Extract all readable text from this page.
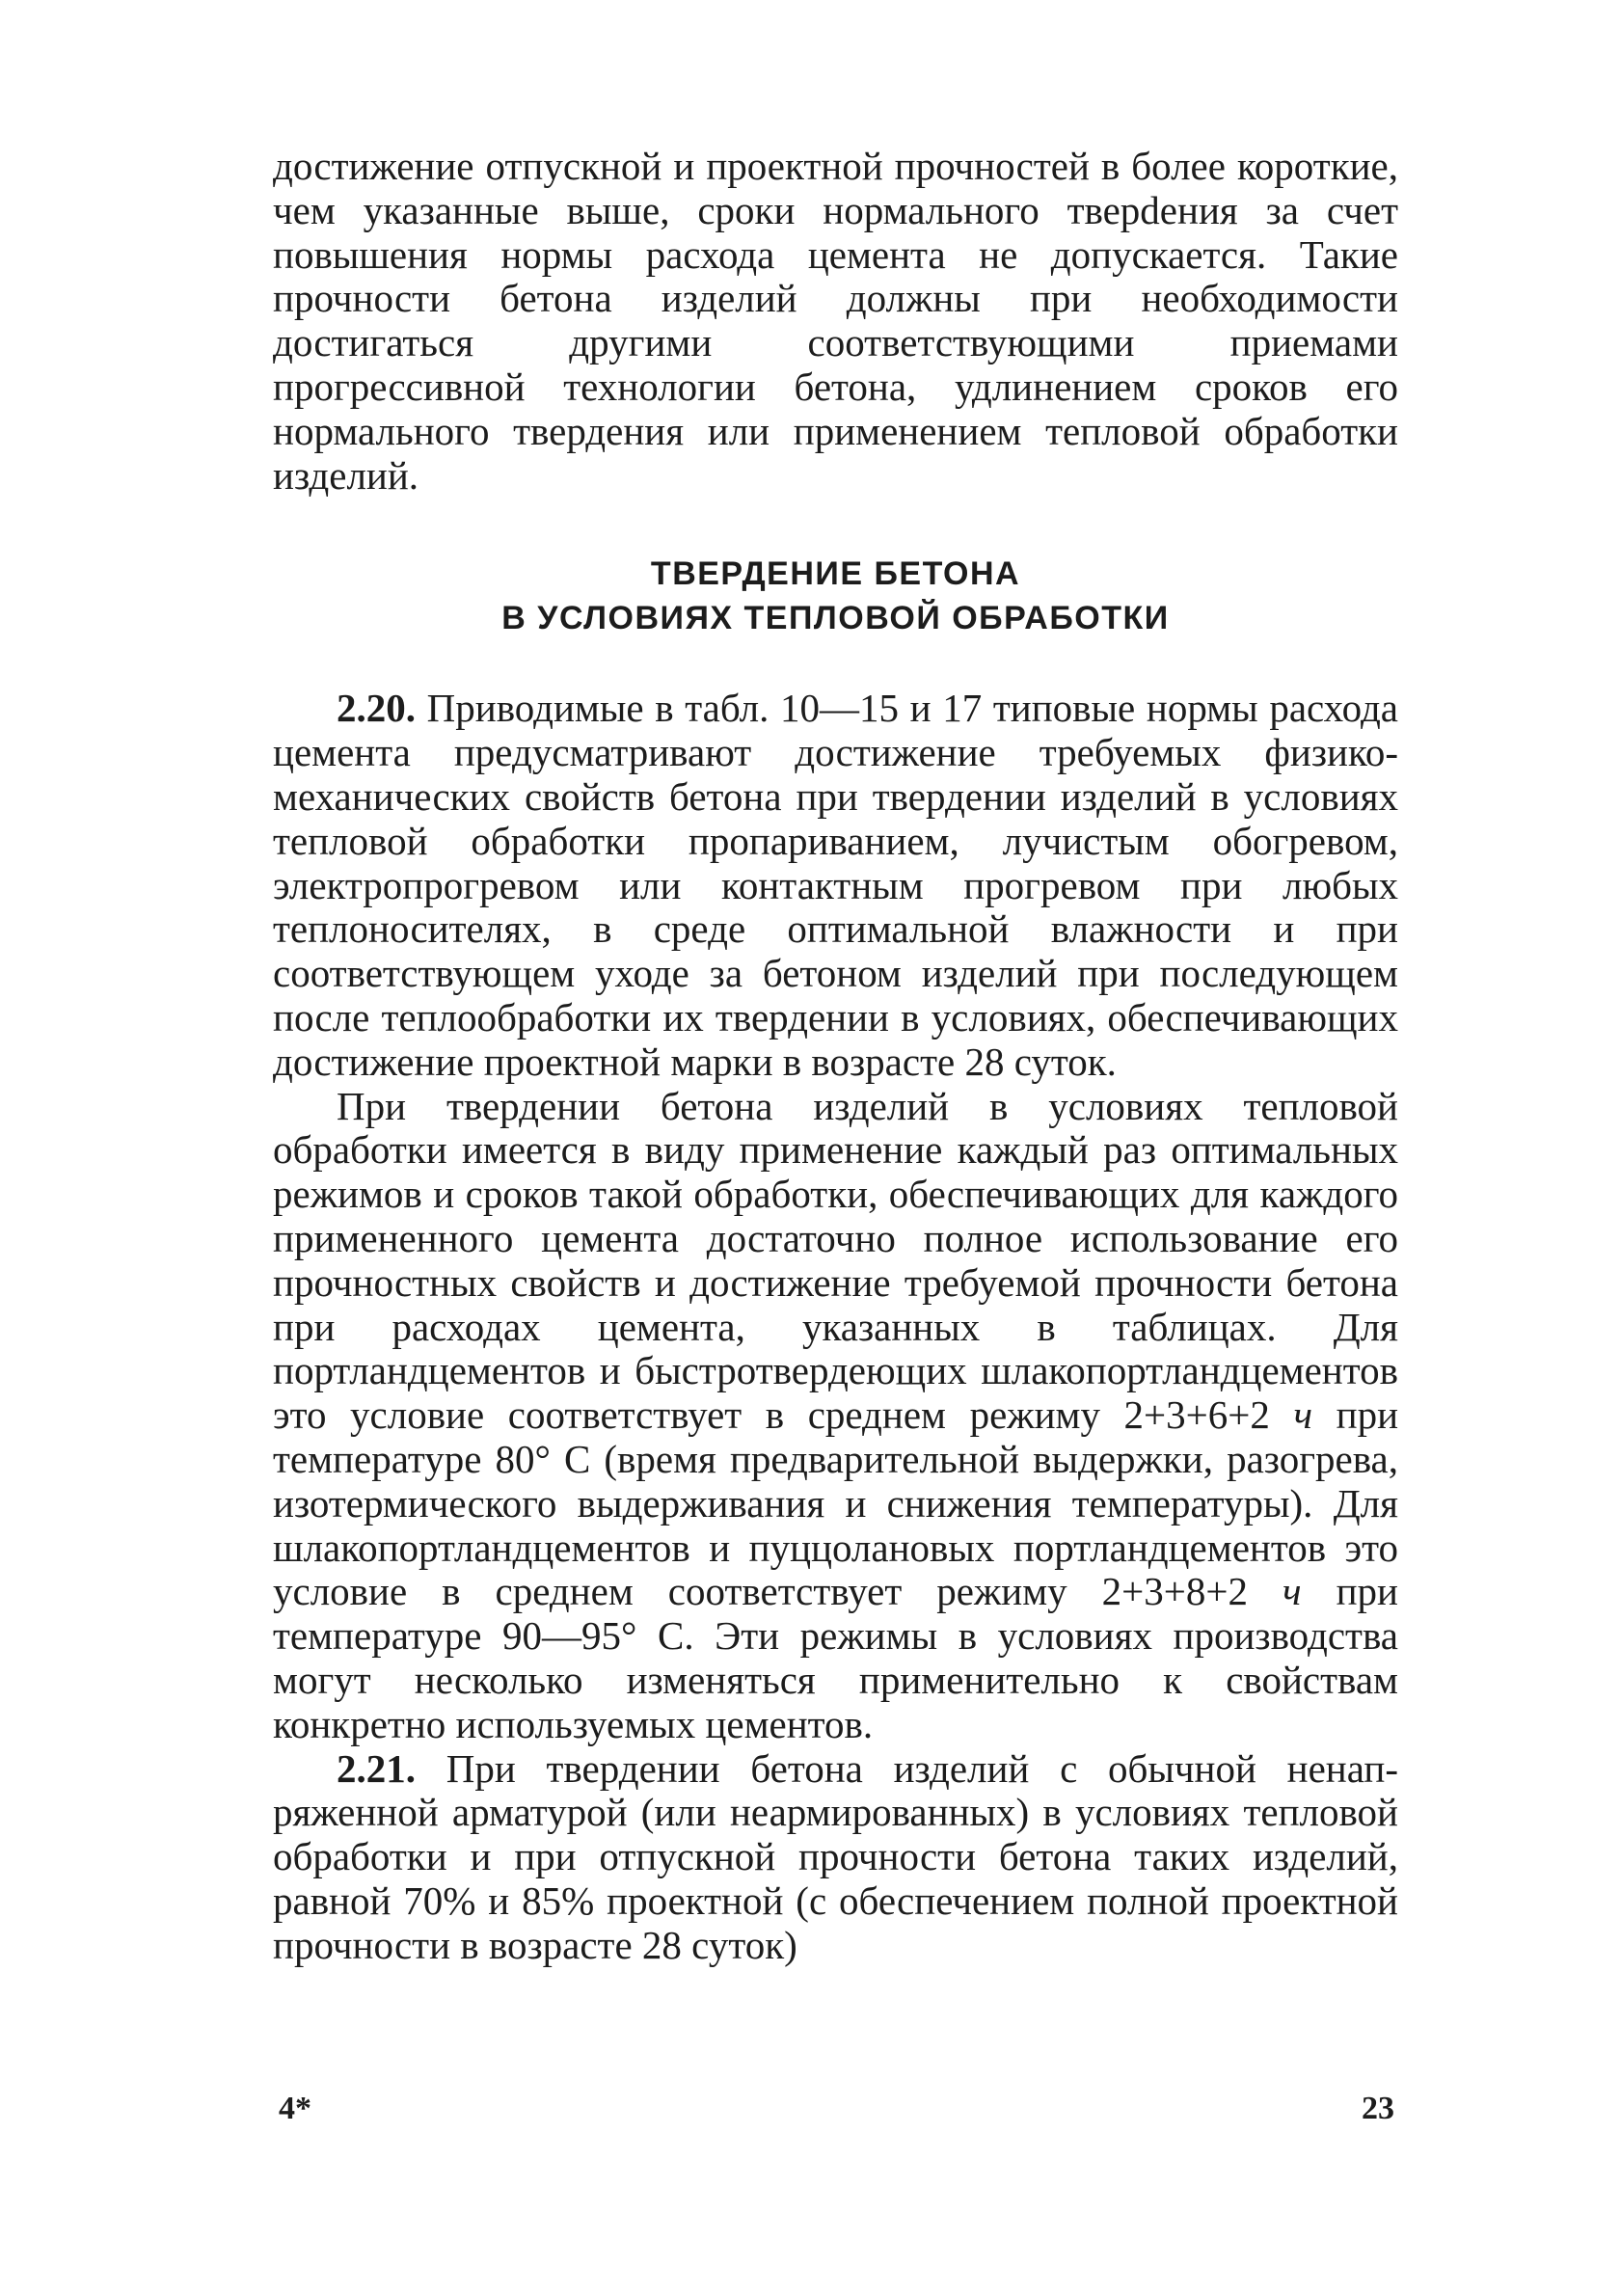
достижение отпускной и проектной прочностей в более короткие, чем указанные выше, сроки нормального тверdения за счет повышения нормы расхода цемента не допускается. Такие прочности бетона изделий должны при необходимости достигаться другими соответствующими приемами прогрессивной технологии бетона, удлинением сроков его нормального твердения или применением тепловой обработки изделий.

ТВЕРДЕНИЕ БЕТОНА

В УСЛОВИЯХ ТЕПЛОВОЙ ОБРАБОТКИ

2.20. Приводимые в табл. 10—15 и 17 типовые нормы расхода цемента предусматривают достижение требуемых физико-механических свойств бетона при твердении изделий в условиях тепловой обработки пропариванием, лучистым обогревом, электропрогревом или контактным прогревом при любых теплоносителях, в среде оптимальной влажности и при соответствующем уходе за бетоном изделий при последующем после теплообработки их твердении в условиях, обеспечивающих достижение проектной марки в возрасте 28 суток.

При твердении бетона изделий в условиях тепловой обработки имеется в виду применение каждый раз оптимальных режимов и сроков такой обработки, обеспечивающих для каждого примененного цемента достаточно полное использование его прочностных свойств и достижение требуемой прочности бетона при расходах цемента, указанных в таблицах. Для портландцементов и быстротвердеющих шлакопортландцементов это условие соответствует в среднем режиму 2+3+6+2 ч при температуре 80° С (время предварительной выдержки, разогрева, изотермического выдерживания и снижения температуры). Для шлакопортландцементов и пуццолановых портландцементов это условие в среднем соответствует режиму 2+3+8+2 ч при температуре 90—95° С. Эти режимы в условиях производства могут несколько изменяться применительно к свойствам конкретно используемых цементов.

2.21. При твердении бетона изделий с обычной ненапряженной арматурой (или неармированных) в условиях тепловой обработки и при отпускной прочности бетона таких изделий, равной 70% и 85% проектной (с обеспечением полной проектной прочности в возрасте 28 суток)

4*	23
